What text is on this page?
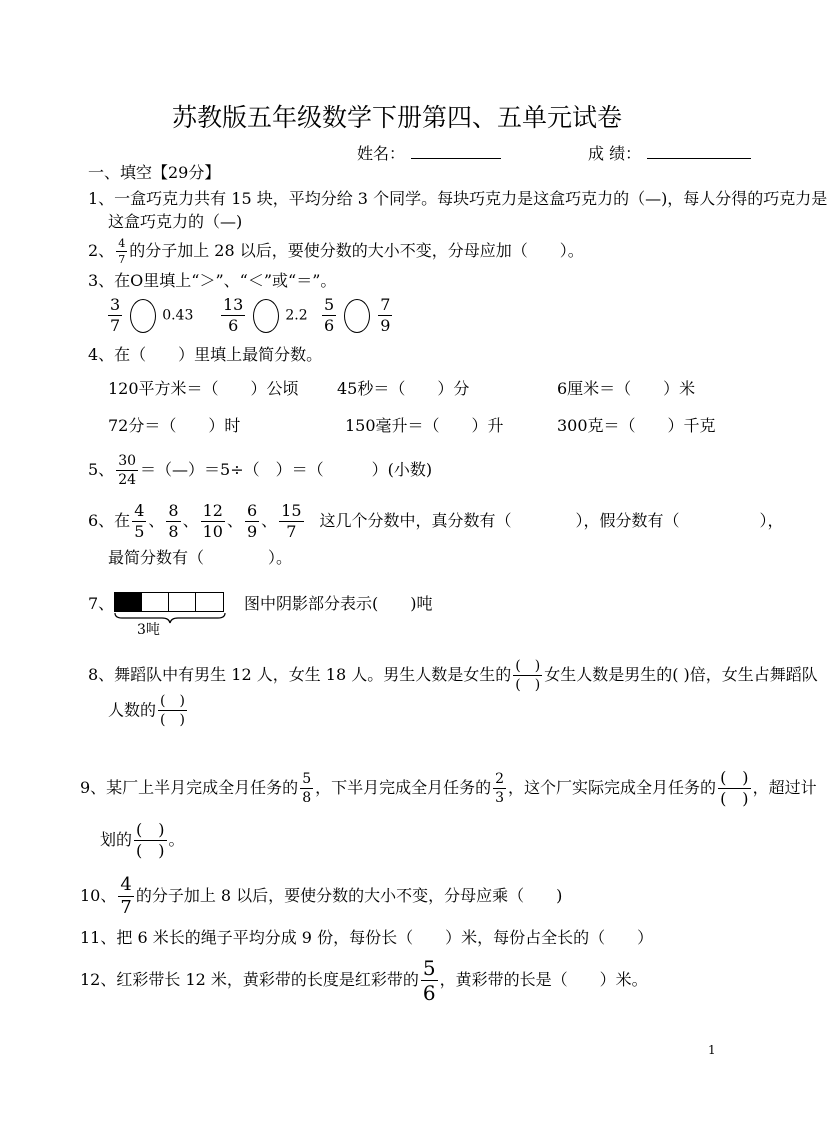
苏教版五年级数学下册第四、五单元试卷
姓名：	成 绩：
一、填空【29分】
1、一盒巧克力共有 15 块，平均分给 3 个同学。每块巧克力是这盒巧克力的（—)，每人分得的巧克力是
这盒巧克力的（—)
2、 $\frac{4}{7}$ 的分子加上 28 以后，要使分数的大小不变，分母应加（　　）。
3、在O里填上“＞”、“＜”或“＝”。
$\frac{3}{7}$	$0.43 \frac{13}{6}$	$2.2 \frac{5}{6}$	$\frac{7}{9}$
4、在（　　）里填上最简分数。
120平方米＝（　　）公顷 45秒＝（　　）分	6厘米＝（　　）米
72分＝（　　）时	150毫升＝（　　）升	300克＝（　　）千克
5、 $\frac{30}{24}$ ＝（—）＝5÷（　）＝（　　　）(小数)
6、在 $\frac{4}{5}$ 、 $\frac{8}{8}$ 、 $\frac{12}{10}$ 、 $\frac{6}{9}$ 、 $\frac{15}{7}$ 这几个分数中，真分数有（　　　　），假分数有（　　　　　），
最简分数有（　　　　）。
7、
3吨
图中阴影部分表示(　　)吨
8、舞蹈队中有男生 12 人，女生 18 人。男生人数是女生的 $\frac{( )}{( )}$ 女生人数是男生的( )倍，女生占舞蹈队
人数的 $\frac{( )}{( )}$
9、某厂上半月完成全月任务的 $\frac{5}{8}$ ，下半月完成全月任务的 $\frac{2}{3}$ ，这个厂实际完成全月任务的 $\frac{( )}{( )}$ ，超过计
划的 $\frac{( )}{( )}$ 。
10、 $\frac{4}{7}$ 的分子加上 8 以后，要使分数的大小不变，分母应乘（　　)
11、把 6 米长的绳子平均分成 9 份，每份长（　　）米，每份占全长的（　　）
12、红彩带长 12 米，黄彩带的长度是红彩带的 $\frac{5}{6}$ ，黄彩带的长是（　　）米。
1
